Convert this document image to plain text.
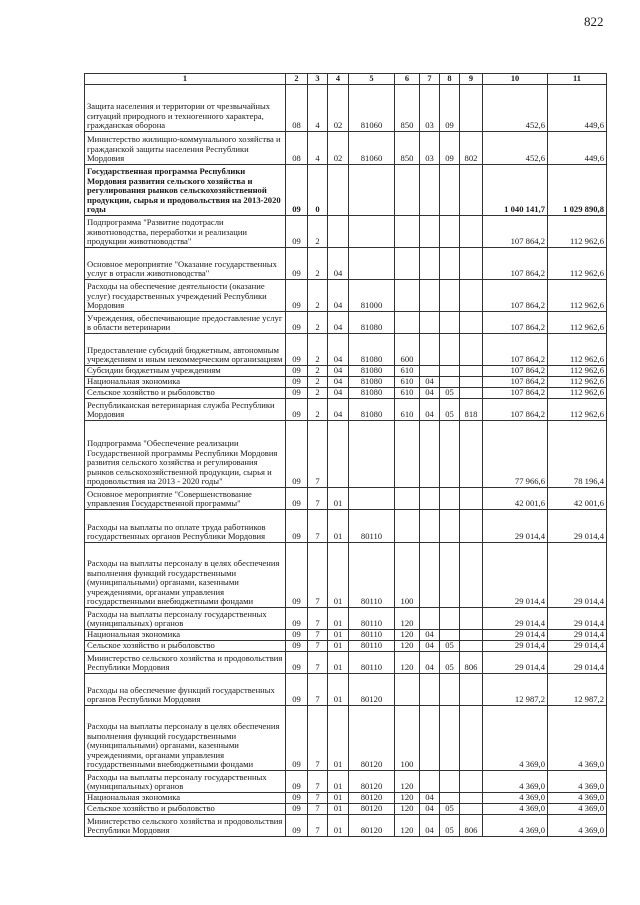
822
1	2	3	4	5	6	7	8	9	10	11
Защита населения и территории от чрезвычайных ситуаций природного и техногенного характера, гражданская оборона	08	4	02	81060	850	03	09		452,6	449,6
Министерство жилищно-коммунального хозяйства и гражданской защиты населения Республики Мордовия	08	4	02	81060	850	03	09	802	452,6	449,6
Государственная программа Республики Мордовия развития сельского хозяйства и регулирования рынков сельскохозяйственной продукции, сырья и продовольствия на 2013-2020 годы	09	0							1 040 141,7	1 029 890,8
Подпрограмма "Развитие подотрасли животноводства, переработки и реализации продукции животноводства"	09	2							107 864,2	112 962,6
Основное мероприятие "Оказание государственных услуг в отрасли животноводства"	09	2	04						107 864,2	112 962,6
Расходы на обеспечение деятельности (оказание услуг) государственных учреждений Республики Мордовия	09	2	04	81000					107 864,2	112 962,6
Учреждения, обеспечивающие предоставление услуг в области ветеринарии	09	2	04	81080					107 864,2	112 962,6
Предоставление субсидий бюджетным, автономным учреждениям и иным некоммерческим организациям	09	2	04	81080	600				107 864,2	112 962,6
Субсидии бюджетным учреждениям	09	2	04	81080	610				107 864,2	112 962,6
Национальная экономика	09	2	04	81080	610	04			107 864,2	112 962,6
Сельское хозяйство и рыболовство	09	2	04	81080	610	04	05		107 864,2	112 962,6
Республиканская ветеринарная служба Республики Мордовия	09	2	04	81080	610	04	05	818	107 864,2	112 962,6
Подпрограмма "Обеспечение реализации Государственной программы Республики Мордовия развития сельского хозяйства и регулирования рынков сельскохозяйственной продукции, сырья и продовольствия на 2013 - 2020 годы"	09	7							77 966,6	78 196,4
Основное мероприятие "Совершенствование управления Государственной программы"	09	7	01						42 001,6	42 001,6
Расходы на выплаты по оплате труда работников государственных органов Республики Мордовия	09	7	01	80110					29 014,4	29 014,4
Расходы на выплаты персоналу в целях обеспечения выполнения функций государственными (муниципальными) органами, казенными учреждениями, органами управления государственными внебюджетными фондами	09	7	01	80110	100				29 014,4	29 014,4
Расходы на выплаты персоналу государственных (муниципальных) органов	09	7	01	80110	120				29 014,4	29 014,4
Национальная экономика	09	7	01	80110	120	04			29 014,4	29 014,4
Сельское хозяйство и рыболовство	09	7	01	80110	120	04	05		29 014,4	29 014,4
Министерство сельского хозяйства и продовольствия Республики Мордовия	09	7	01	80110	120	04	05	806	29 014,4	29 014,4
Расходы на обеспечение функций государственных органов Республики Мордовия	09	7	01	80120					12 987,2	12 987,2
Расходы на выплаты персоналу в целях обеспечения выполнения функций государственными (муниципальными) органами, казенными учреждениями, органами управления государственными внебюджетными фондами	09	7	01	80120	100				4 369,0	4 369,0
Расходы на выплаты персоналу государственных (муниципальных) органов	09	7	01	80120	120				4 369,0	4 369,0
Национальная экономика	09	7	01	80120	120	04			4 369,0	4 369,0
Сельское хозяйство и рыболовство	09	7	01	80120	120	04	05		4 369,0	4 369,0
Министерство сельского хозяйства и продовольствия Республики Мордовия	09	7	01	80120	120	04	05	806	4 369,0	4 369,0
